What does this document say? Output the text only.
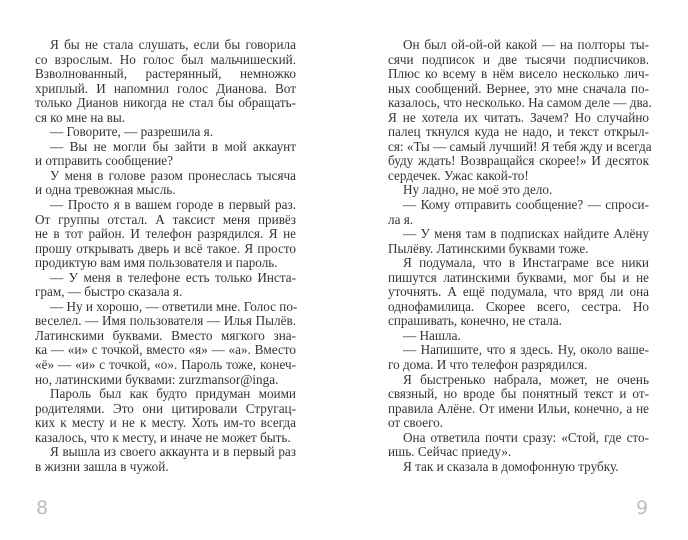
Я бы не стала слушать, если бы говорила
со взрослым. Но голос был мальчишеский.
Взволнованный, растерянный, немножко
хриплый. И напомнил голос Дианова. Вот
только Дианов никогда не стал бы обращать-
ся ко мне на вы.
— Говорите, — разрешила я.
— Вы не могли бы зайти в мой аккаунт
и отправить сообщение?
У меня в голове разом пронеслась тысяча
и одна тревожная мысль.
— Просто я в вашем городе в первый раз.
От группы отстал. А таксист меня привёз
не в тот район. И телефон разрядился. Я не
прошу открывать дверь и всё такое. Я просто
продиктую вам имя пользователя и пароль.
— У меня в телефоне есть только Инста-
грам, — быстро сказала я.
— Ну и хорошо, — ответили мне. Голос по-
веселел. — Имя пользователя — Илья Пылёв.
Латинскими буквами. Вместо мягкого зна-
ка — «и» с точкой, вместо «я» — «а». Вместо
«ё» — «и» с точкой, «о». Пароль тоже, конеч-
но, латинскими буквами: zurzmansor@inga.
Пароль был как будто придуман моими
родителями. Это они цитировали Стругац-
ких к месту и не к месту. Хоть им-то всегда
казалось, что к месту, и иначе не может быть.
Я вышла из своего аккаунта и в первый раз
в жизни зашла в чужой.
Он был ой-ой-ой какой — на полторы ты-
сячи подписок и две тысячи подписчиков.
Плюс ко всему в нём висело несколько лич-
ных сообщений. Вернее, это мне сначала по-
казалось, что несколько. На самом деле — два.
Я не хотела их читать. Зачем? Но случайно
палец ткнулся куда не надо, и текст открыл-
ся: «Ты — самый лучший! Я тебя жду и всегда
буду ждать! Возвращайся скорее!» И десяток
сердечек. Ужас какой-то!
Ну ладно, не моё это дело.
— Кому отправить сообщение? — спроси-
ла я.
— У меня там в подписках найдите Алёну
Пылёву. Латинскими буквами тоже.
Я подумала, что в Инстаграме все ники
пишутся латинскими буквами, мог бы и не
уточнять. А ещё подумала, что вряд ли она
однофамилица. Скорее всего, сестра. Но
спрашивать, конечно, не стала.
— Нашла.
— Напишите, что я здесь. Ну, около ваше-
го дома. И что телефон разрядился.
Я быстренько набрала, может, не очень
связный, но вроде бы понятный текст и от-
правила Алёне. От имени Ильи, конечно, а не
от своего.
Она ответила почти сразу: «Стой, где сто-
ишь. Сейчас приеду».
Я так и сказала в домофонную трубку.
8	9
